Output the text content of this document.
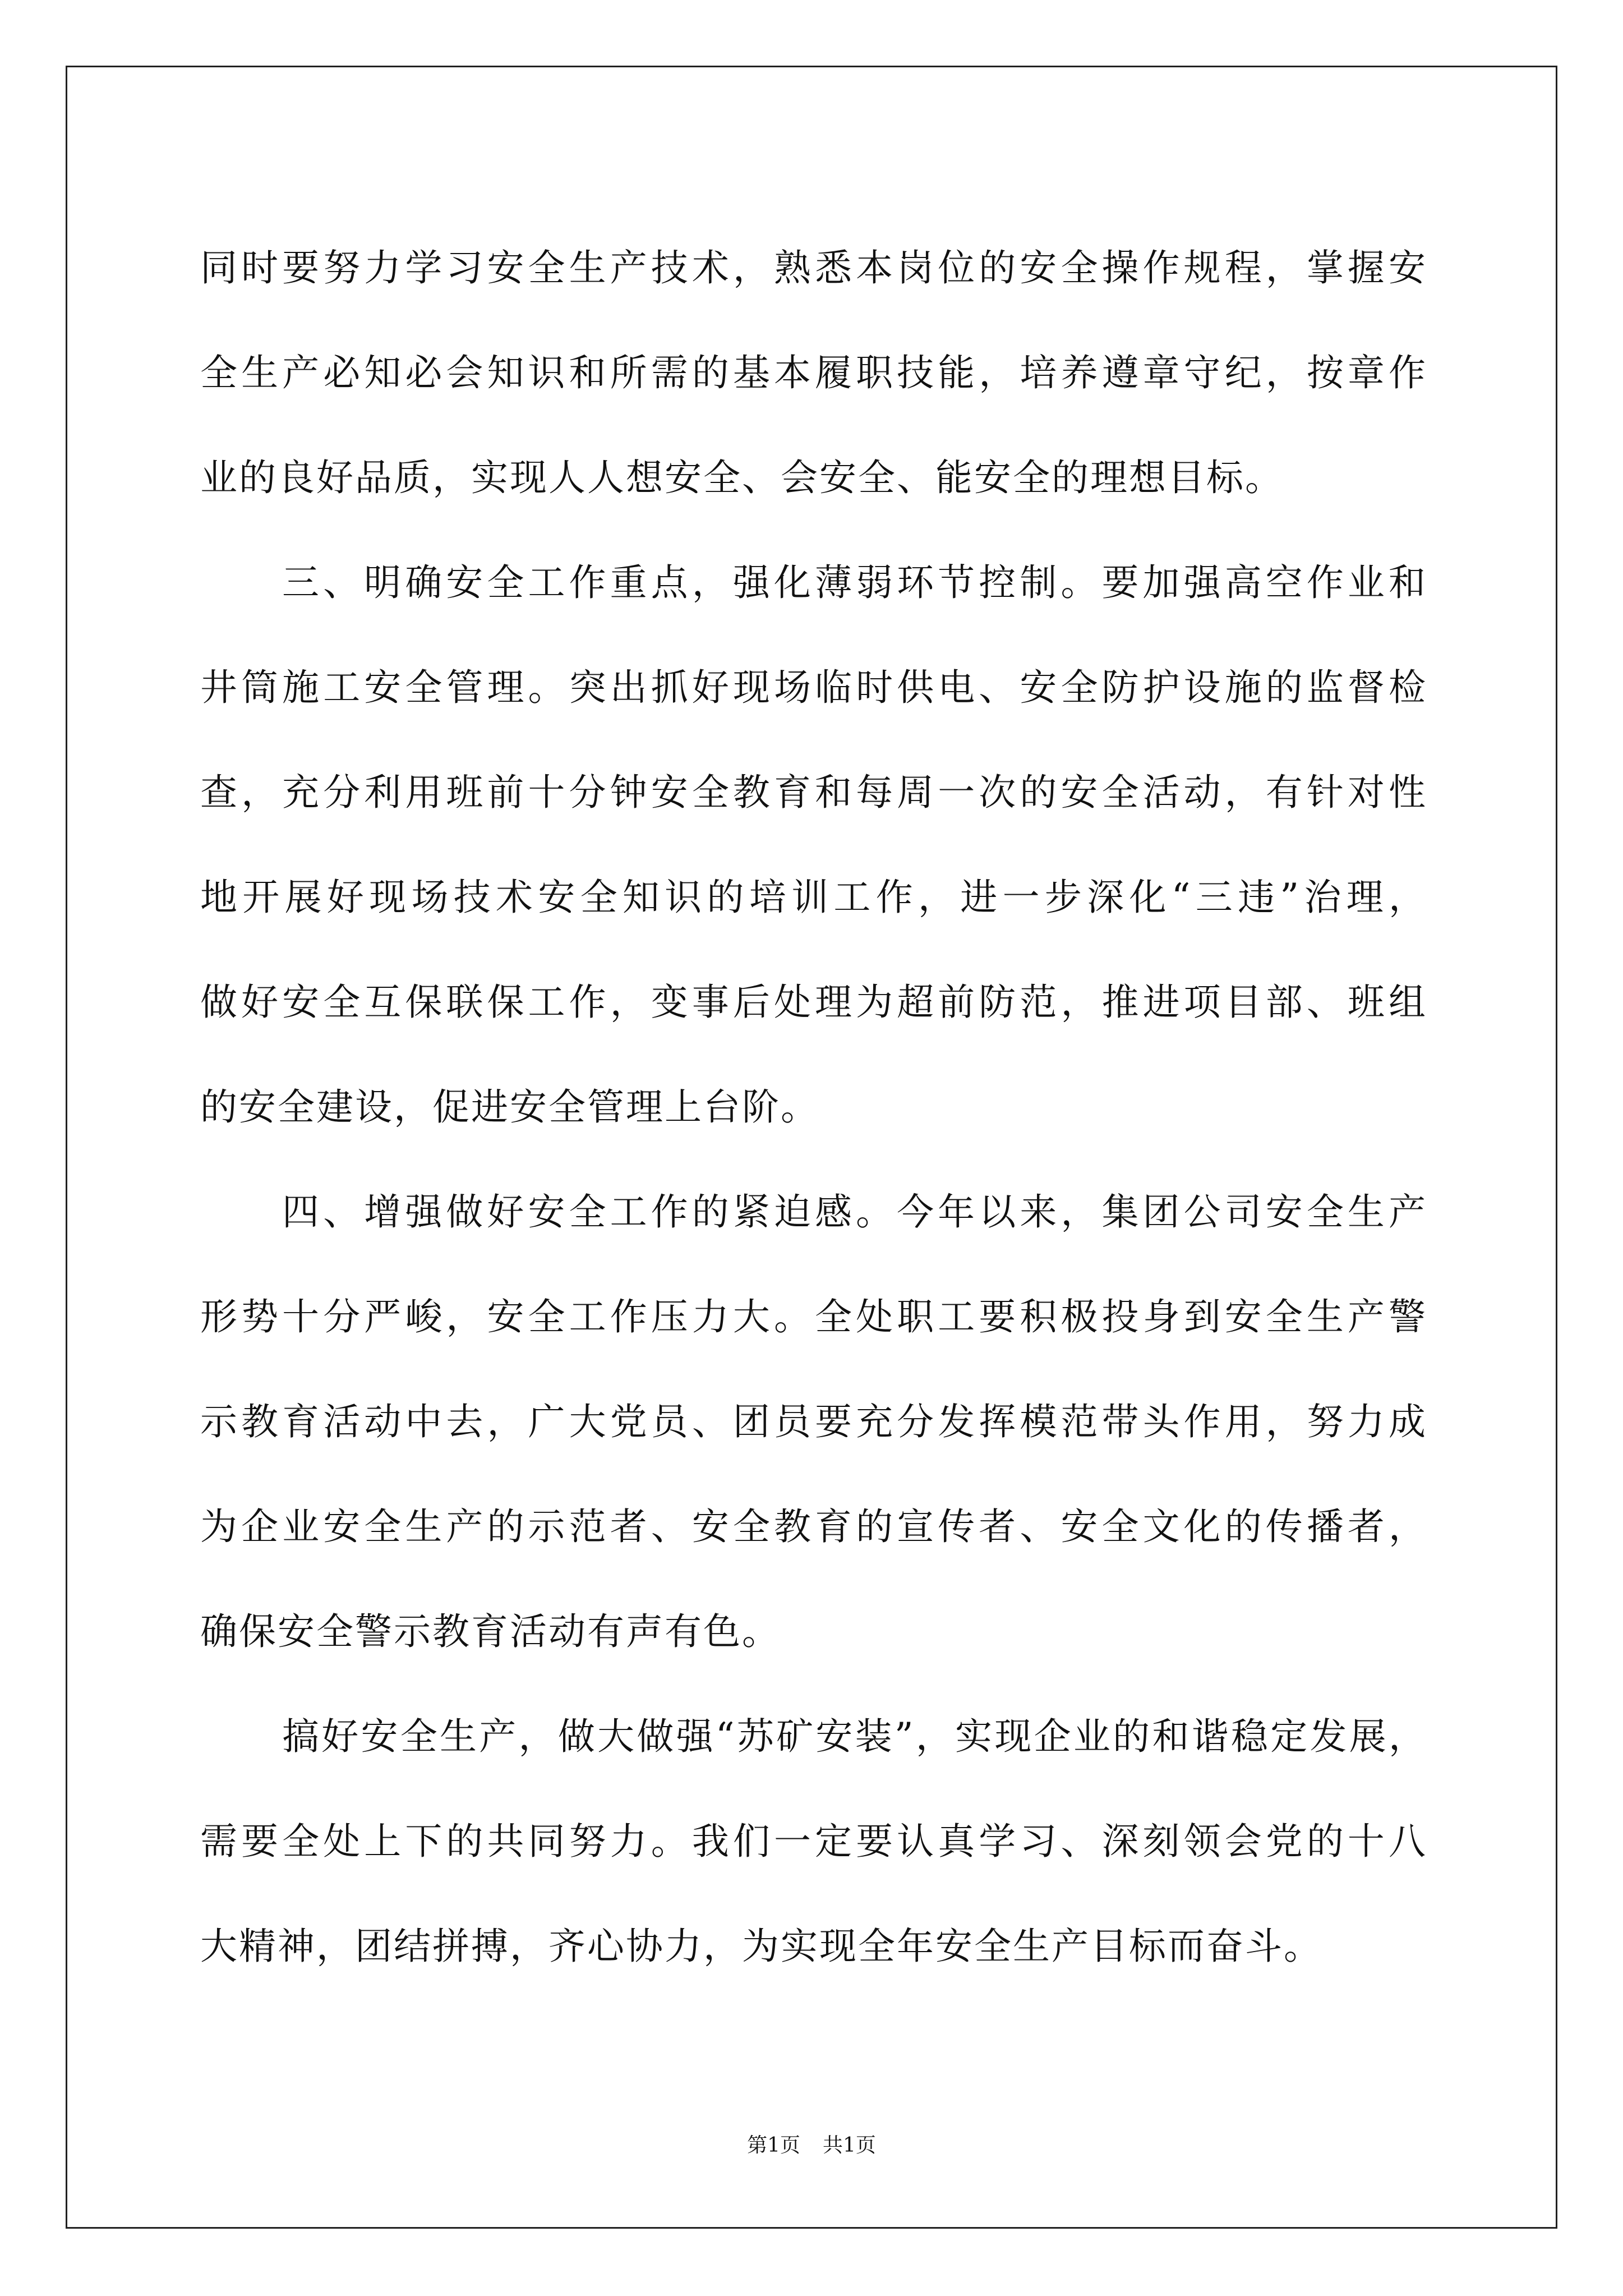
同时要努力学习安全生产技术，熟悉本岗位的安全操作规程，掌握安
全生产必知必会知识和所需的基本履职技能，培养遵章守纪，按章作
业的良好品质，实现人人想安全、会安全、能安全的理想目标。
三、明确安全工作重点，强化薄弱环节控制。要加强高空作业和
井筒施工安全管理。突出抓好现场临时供电、安全防护设施的监督检
查，充分利用班前十分钟安全教育和每周一次的安全活动，有针对性
地开展好现场技术安全知识的培训工作，进一步深化“三违”治理，
做好安全互保联保工作，变事后处理为超前防范，推进项目部、班组
的安全建设，促进安全管理上台阶。
四、增强做好安全工作的紧迫感。今年以来，集团公司安全生产
形势十分严峻，安全工作压力大。全处职工要积极投身到安全生产警
示教育活动中去，广大党员、团员要充分发挥模范带头作用，努力成
为企业安全生产的示范者、安全教育的宣传者、安全文化的传播者，
确保安全警示教育活动有声有色。
搞好安全生产，做大做强“苏矿安装”，实现企业的和谐稳定发展，
需要全处上下的共同努力。我们一定要认真学习、深刻领会党的十八
大精神，团结拼搏，齐心协力，为实现全年安全生产目标而奋斗。
第1页 共1页
